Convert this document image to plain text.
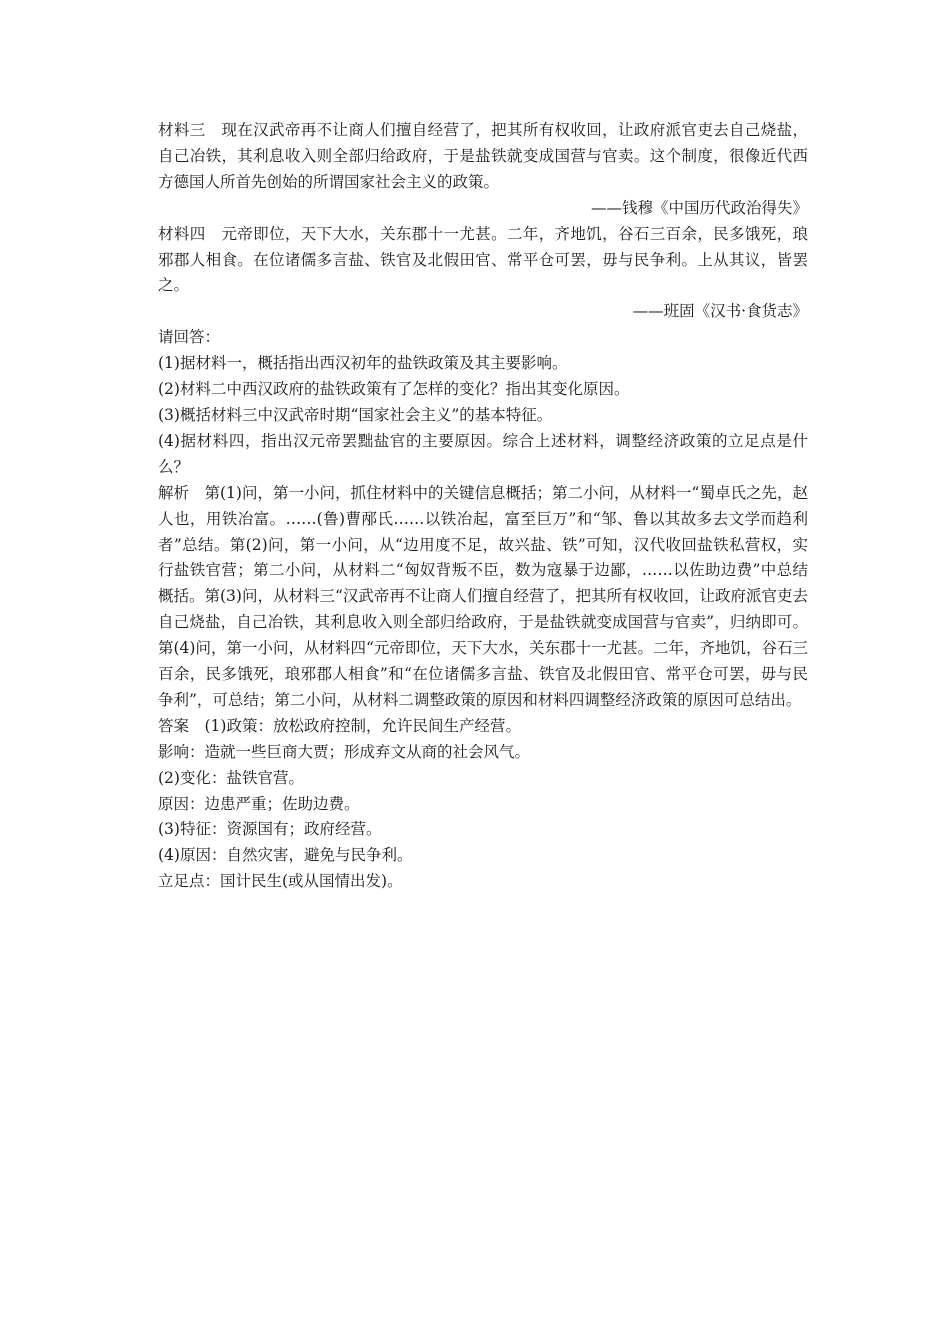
材料三　现在汉武帝再不让商人们擅自经营了，把其所有权收回，让政府派官吏去自己烧盐，自己冶铁，其利息收入则全部归给政府，于是盐铁就变成国营与官卖。这个制度，很像近代西方德国人所首先创始的所谓国家社会主义的政策。

——钱穆《中国历代政治得失》

材料四　元帝即位，天下大水，关东郡十一尤甚。二年，齐地饥，谷石三百余，民多饿死，琅邪郡人相食。在位诸儒多言盐、铁官及北假田官、常平仓可罢，毋与民争利。上从其议，皆罢之。

——班固《汉书·食货志》

请回答：

(1)据材料一，概括指出西汉初年的盐铁政策及其主要影响。

(2)材料二中西汉政府的盐铁政策有了怎样的变化？指出其变化原因。

(3)概括材料三中汉武帝时期“国家社会主义”的基本特征。

(4)据材料四，指出汉元帝罢黜盐官的主要原因。综合上述材料，调整经济政策的立足点是什么？

解析　第(1)问，第一小问，抓住材料中的关键信息概括；第二小问，从材料一“蜀卓氏之先，赵人也，用铁冶富。……(鲁)曹邴氏……以铁冶起，富至巨万”和“邹、鲁以其故多去文学而趋利者”总结。第(2)问，第一小问，从“边用度不足，故兴盐、铁”可知，汉代收回盐铁私营权，实行盐铁官营；第二小问，从材料二“匈奴背叛不臣，数为寇暴于边鄙，……以佐助边费”中总结概括。第(3)问，从材料三“汉武帝再不让商人们擅自经营了，把其所有权收回，让政府派官吏去自己烧盐，自己冶铁，其利息收入则全部归给政府，于是盐铁就变成国营与官卖”，归纳即可。第(4)问，第一小问，从材料四“元帝即位，天下大水，关东郡十一尤甚。二年，齐地饥，谷石三百余，民多饿死，琅邪郡人相食”和“在位诸儒多言盐、铁官及北假田官、常平仓可罢，毋与民争利”，可总结；第二小问，从材料二调整政策的原因和材料四调整经济政策的原因可总结出。

答案　(1)政策：放松政府控制，允许民间生产经营。

影响：造就一些巨商大贾；形成弃文从商的社会风气。

(2)变化：盐铁官营。

原因：边患严重；佐助边费。

(3)特征：资源国有；政府经营。

(4)原因：自然灾害，避免与民争利。

立足点：国计民生(或从国情出发)。
